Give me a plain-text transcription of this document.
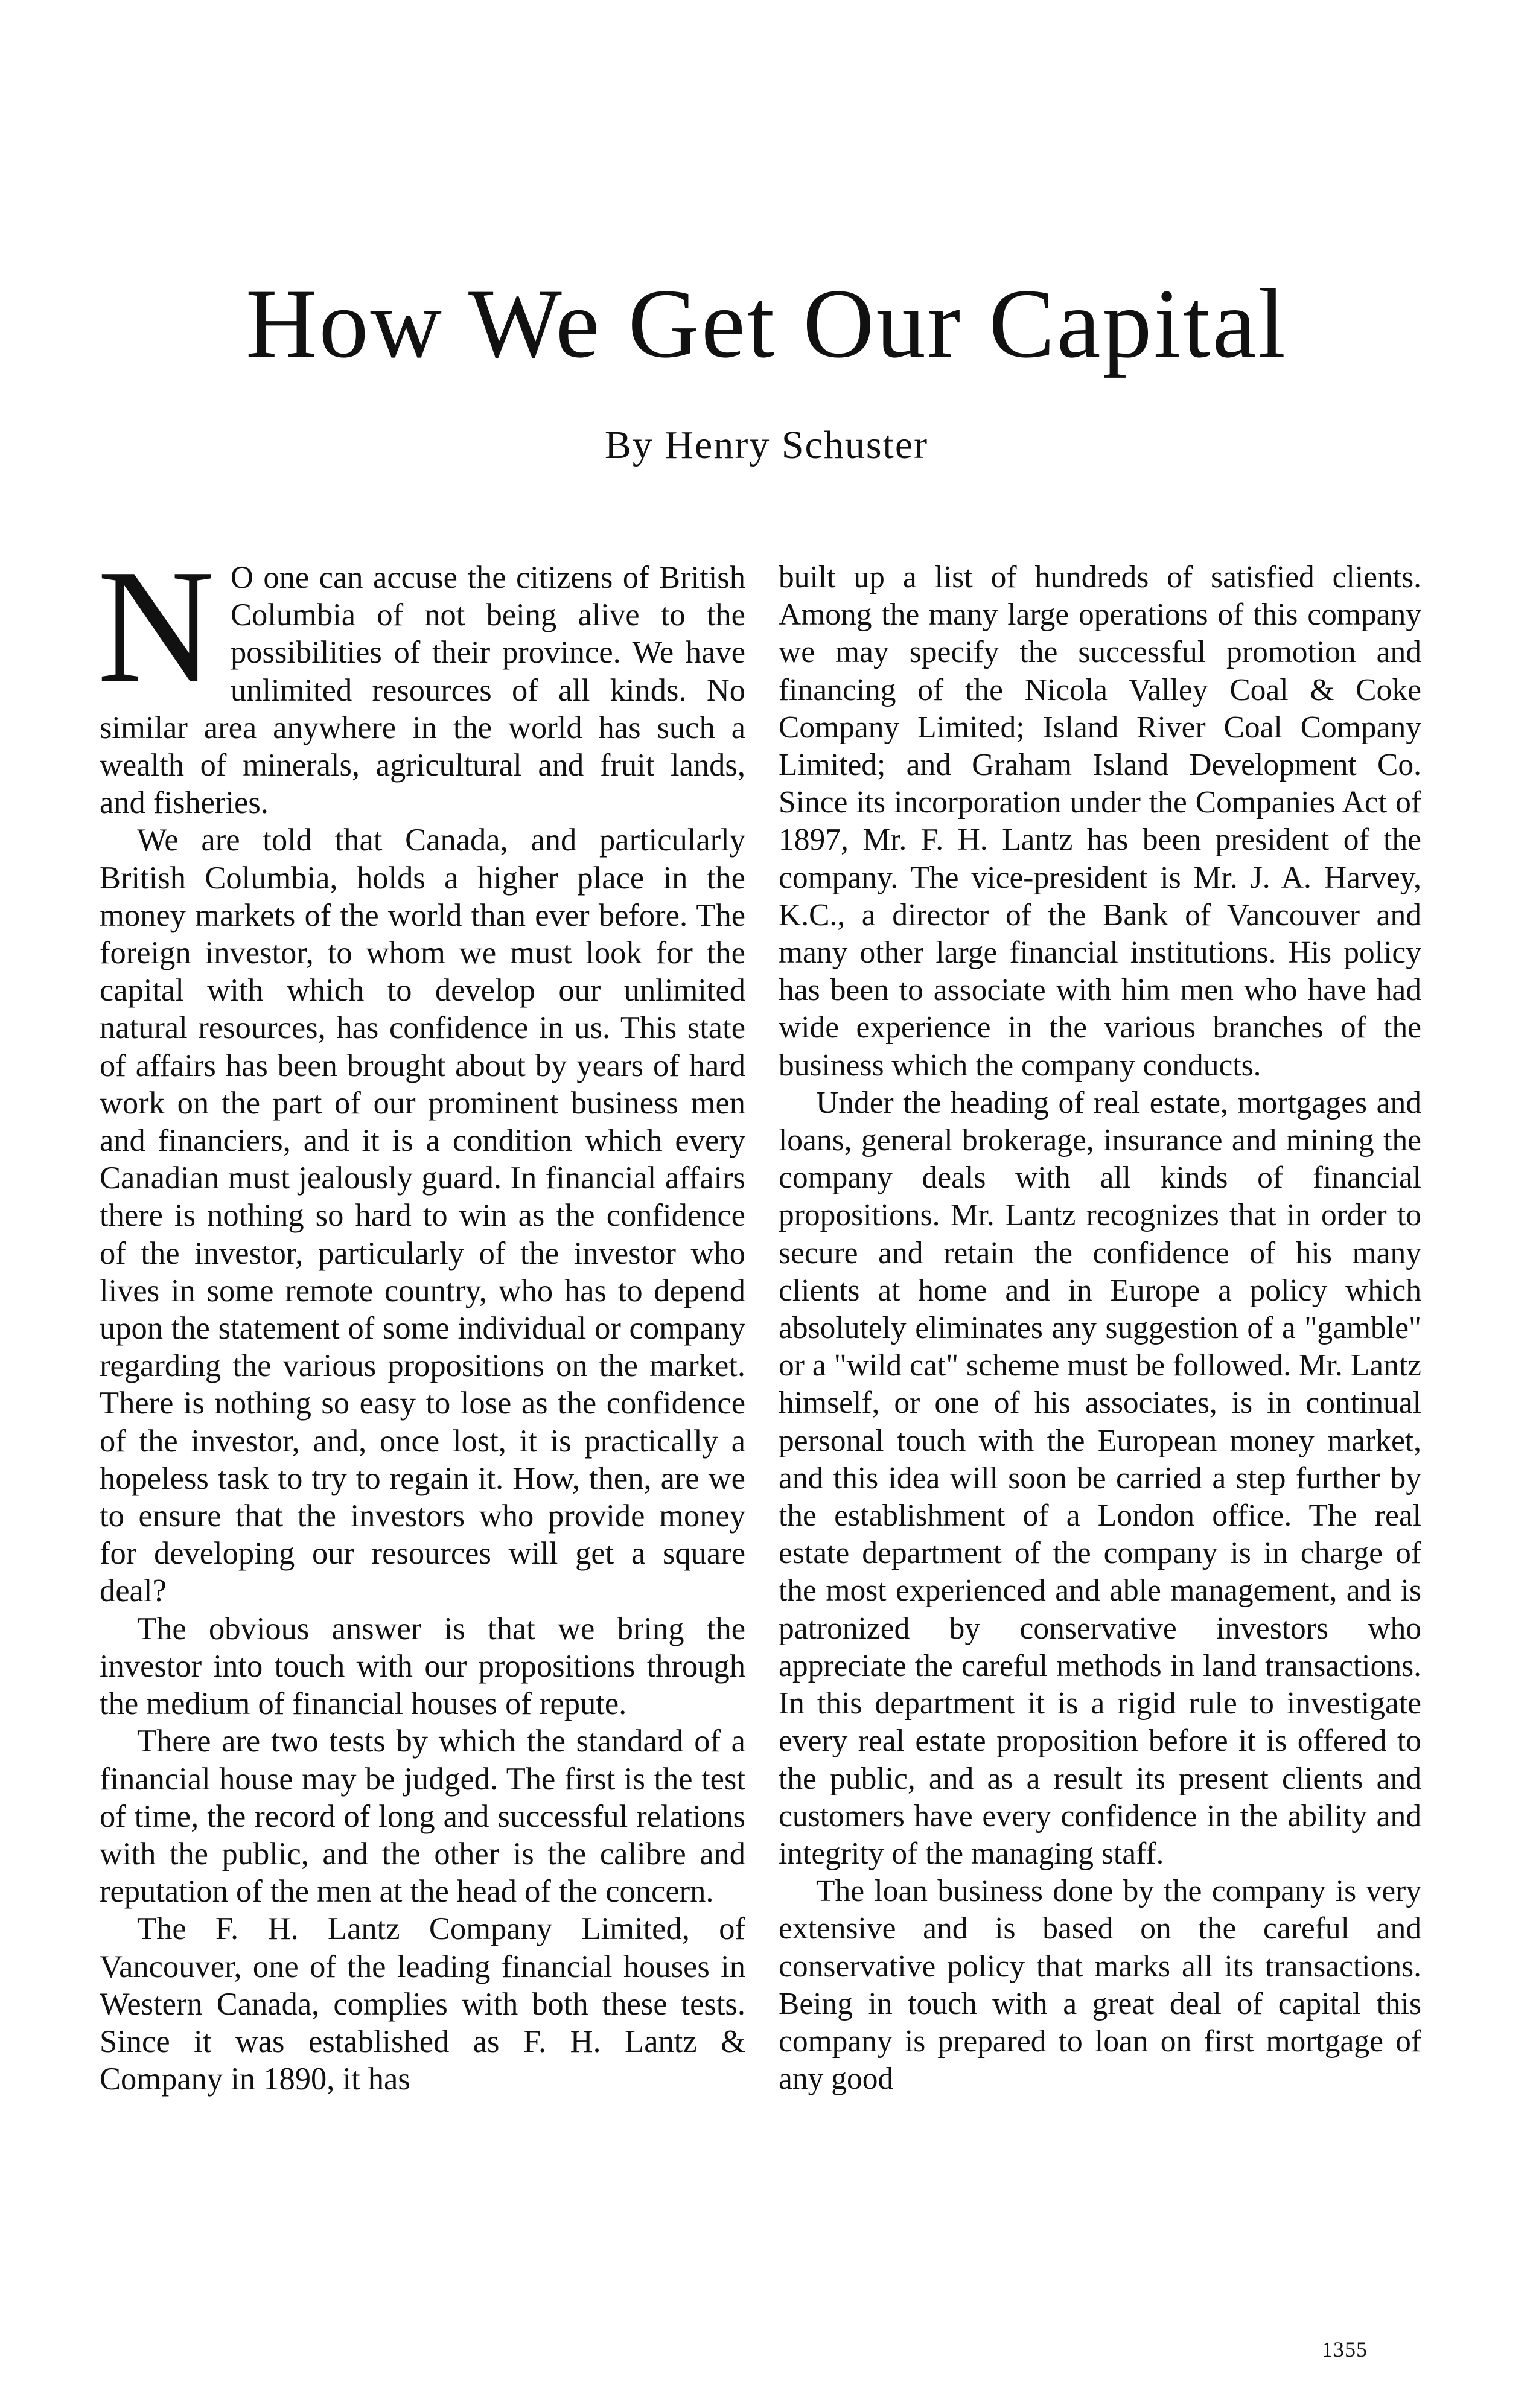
How We Get Our Capital
By Henry Schuster

N O one can accuse the citizens of British Columbia of not being alive to the possibilities of their province. We have unlimited resources of all kinds. No similar area anywhere in the world has such a wealth of minerals, agricultural and fruit lands, and fisheries.

We are told that Canada, and particularly British Columbia, holds a higher place in the money markets of the world than ever before. The foreign investor, to whom we must look for the capital with which to develop our unlimited natural resources, has confidence in us. This state of affairs has been brought about by years of hard work on the part of our prominent business men and financiers, and it is a condition which every Canadian must jealously guard. In financial affairs there is nothing so hard to win as the confidence of the investor, particularly of the investor who lives in some remote country, who has to depend upon the statement of some individual or company regarding the various propositions on the market. There is nothing so easy to lose as the confidence of the investor, and, once lost, it is practically a hopeless task to try to regain it. How, then, are we to ensure that the investors who provide money for developing our resources will get a square deal?

The obvious answer is that we bring the investor into touch with our propositions through the medium of financial houses of repute.

There are two tests by which the standard of a financial house may be judged. The first is the test of time, the record of long and successful relations with the public, and the other is the calibre and reputation of the men at the head of the concern.

The F. H. Lantz Company Limited, of Vancouver, one of the leading financial houses in Western Canada, complies with both these tests. Since it was established as F. H. Lantz & Company in 1890, it has

built up a list of hundreds of satisfied clients. Among the many large operations of this company we may specify the successful promotion and financing of the Nicola Valley Coal & Coke Company Limited; Island River Coal Company Limited; and Graham Island Development Co. Since its incorporation under the Companies Act of 1897, Mr. F. H. Lantz has been president of the company. The vice-president is Mr. J. A. Harvey, K.C., a director of the Bank of Vancouver and many other large financial institutions. His policy has been to associate with him men who have had wide experience in the various branches of the business which the company conducts.

Under the heading of real estate, mortgages and loans, general brokerage, insurance and mining the company deals with all kinds of financial propositions. Mr. Lantz recognizes that in order to secure and retain the confidence of his many clients at home and in Europe a policy which absolutely eliminates any suggestion of a "gamble" or a "wild cat" scheme must be followed. Mr. Lantz himself, or one of his associates, is in continual personal touch with the European money market, and this idea will soon be carried a step further by the establishment of a London office. The real estate department of the company is in charge of the most experienced and able management, and is patronized by conservative investors who appreciate the careful methods in land transactions. In this department it is a rigid rule to investigate every real estate proposition before it is offered to the public, and as a result its present clients and customers have every confidence in the ability and integrity of the managing staff.

The loan business done by the company is very extensive and is based on the careful and conservative policy that marks all its transactions. Being in touch with a great deal of capital this company is prepared to loan on first mortgage of any good

1355
